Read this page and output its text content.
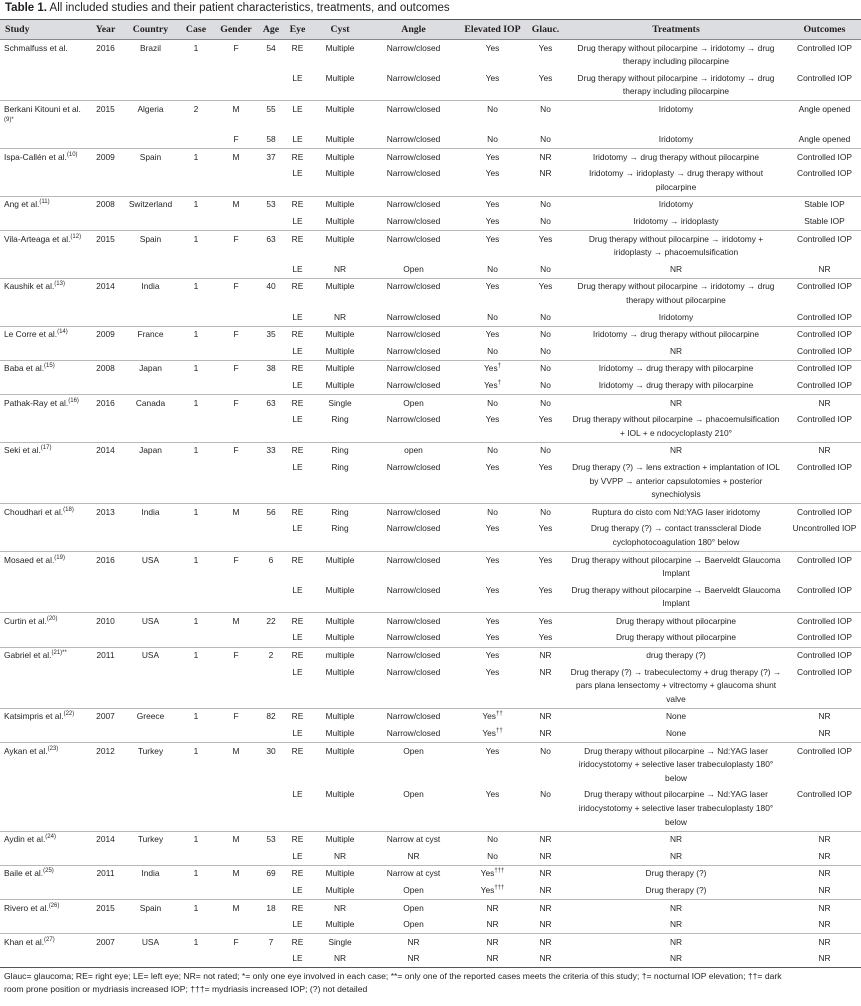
Table 1. All included studies and their patient characteristics, treatments, and outcomes
Study	Year	Country	Case	Gender	Age	Eye	Cyst	Angle	Elevated IOP	Glauc.	Treatments	Outcomes
Schmalfuss et al.	2016	Brazil	1	F	54	RE	Multiple	Narrow/closed	Yes	Yes	Drug therapy without pilocarpine → iridotomy → drug therapy including pilocarpine	Controlled IOP
						LE	Multiple	Narrow/closed	Yes	Yes	Drug therapy without pilocarpine → iridotomy → drug therapy including pilocarpine	Controlled IOP
Berkani Kitouni et al.$^{(9)*}$	2015	Algeria	2	M	55	LE	Multiple	Narrow/closed	No	No	Iridotomy	Angle opened
				F	58	LE	Multiple	Narrow/closed	No	No	Iridotomy	Angle opened
Ispa-Callén et al.$^{(10)}$	2009	Spain	1	M	37	RE	Multiple	Narrow/closed	Yes	NR	Iridotomy → drug therapy without pilocarpine	Controlled IOP
						LE	Multiple	Narrow/closed	Yes	NR	Iridotomy → iridoplasty → drug therapy without pilocarpine	Controlled IOP
Ang et al.$^{(11)}$	2008	Switzerland	1	M	53	RE	Multiple	Narrow/closed	Yes	No	Iridotomy	Stable IOP
						LE	Multiple	Narrow/closed	Yes	No	Iridotomy → iridoplasty	Stable IOP
Vila-Arteaga et al.$^{(12)}$	2015	Spain	1	F	63	RE	Multiple	Narrow/closed	Yes	Yes	Drug therapy without pilocarpine → iridotomy + iridoplasty → phacoemulsification	Controlled IOP
						LE	NR	Open	No	No	NR	NR
Kaushik et al.$^{(13)}$	2014	India	1	F	40	RE	Multiple	Narrow/closed	Yes	Yes	Drug therapy without pilocarpine → iridotomy → drug therapy without pilocarpine	Controlled IOP
						LE	NR	Narrow/closed	No	No	Iridotomy	Controlled IOP
Le Corre et al.$^{(14)}$	2009	France	1	F	35	RE	Multiple	Narrow/closed	Yes	No	Iridotomy → drug therapy without pilocarpine	Controlled IOP
						LE	Multiple	Narrow/closed	No	No	NR	Controlled IOP
Baba et al.$^{(15)}$	2008	Japan	1	F	38	RE	Multiple	Narrow/closed	Yes†	No	Iridotomy → drug therapy with pilocarpine	Controlled IOP
						LE	Multiple	Narrow/closed	Yes†	No	Iridotomy → drug therapy with pilocarpine	Controlled IOP
Pathak-Ray et al.$^{(16)}$	2016	Canada	1	F	63	RE	Single	Open	No	No	NR	NR
						LE	Ring	Narrow/closed	Yes	Yes	Drug therapy without pilocarpine → phacoemulsification + IOL + e ndocyclopIasty 210°	Controlled IOP
Seki et al.$^{(17)}$	2014	Japan	1	F	33	RE	Ring	open	No	No	NR	NR
						LE	Ring	Narrow/closed	Yes	Yes	Drug therapy (?) → lens extraction + implantation of IOL by VVPP → anterior capsulotomies + posterior synechiolysis	Controlled IOP
Choudhari et al.$^{(18)}$	2013	India	1	M	56	RE	Ring	Narrow/closed	No	No	Ruptura do cisto com Nd:YAG laser iridotomy	Controlled IOP
						LE	Ring	Narrow/closed	Yes	Yes	Drug therapy (?) → contact transscleral Diode cyclophotocoagulation 180° below	Uncontrolled IOP
Mosaed et al.$^{(19)}$	2016	USA	1	F	6	RE	Multiple	Narrow/closed	Yes	Yes	Drug therapy without pilocarpine → Baerveldt Glaucoma Implant	Controlled IOP
						LE	Multiple	Narrow/closed	Yes	Yes	Drug therapy without pilocarpine → Baerveldt Glaucoma Implant	Controlled IOP
Curtin et al.$^{(20)}$	2010	USA	1	M	22	RE	Multiple	Narrow/closed	Yes	Yes	Drug therapy without pilocarpine	Controlled IOP
						LE	Multiple	Narrow/closed	Yes	Yes	Drug therapy without pilocarpine	Controlled IOP
Gabriel et al.$^{(21)**}$	2011	USA	1	F	2	RE	multiple	Narrow/closed	Yes	NR	drug therapy (?)	Controlled IOP
						LE	Multiple	Narrow/closed	Yes	NR	Drug therapy (?) → trabeculectomy + drug therapy (?) → pars plana lensectomy + vitrectomy + glaucoma shunt valve	Controlled IOP
Katsimpris et al.$^{(22)}$	2007	Greece	1	F	82	RE	Multiple	Narrow/closed	Yes††	NR	None	NR
						LE	Multiple	Narrow/closed	Yes††	NR	None	NR
Aykan et al.$^{(23)}$	2012	Turkey	1	M	30	RE	Multiple	Open	Yes	No	Drug therapy without pilocarpine → Nd:YAG laser iridocystotomy + selective laser trabeculoplasty 180° below	Controlled IOP
						LE	Multiple	Open	Yes	No	Drug therapy without pilocarpine → Nd:YAG laser iridocystotomy + selective laser trabeculoplasty 180° below	Controlled IOP
Aydin et al.$^{(24)}$	2014	Turkey	1	M	53	RE	Multiple	Narrow at cyst	No	NR	NR	NR
						LE	NR	NR	No	NR	NR	NR
Baile et al.$^{(25)}$	2011	India	1	M	69	RE	Multiple	Narrow at cyst	Yes†††	NR	Drug therapy (?)	NR
						LE	Multiple	Open	Yes†††	NR	Drug therapy (?)	NR
Rivero et al.$^{(26)}$	2015	Spain	1	M	18	RE	NR	Open	NR	NR	NR	NR
						LE	Multiple	Open	NR	NR	NR	NR
Khan et al.$^{(27)}$	2007	USA	1	F	7	RE	Single	NR	NR	NR	NR	NR
						LE	NR	NR	NR	NR	NR	NR
Glauc= glaucoma; RE= right eye; LE= left eye; NR= not rated; *= only one eye involved in each case; **= only one of the reported cases meets the criteria of this study; †= nocturnal IOP elevation; ††= dark room prone position or mydriasis increased IOP; †††= mydriasis increased IOP; (?) not detailed
